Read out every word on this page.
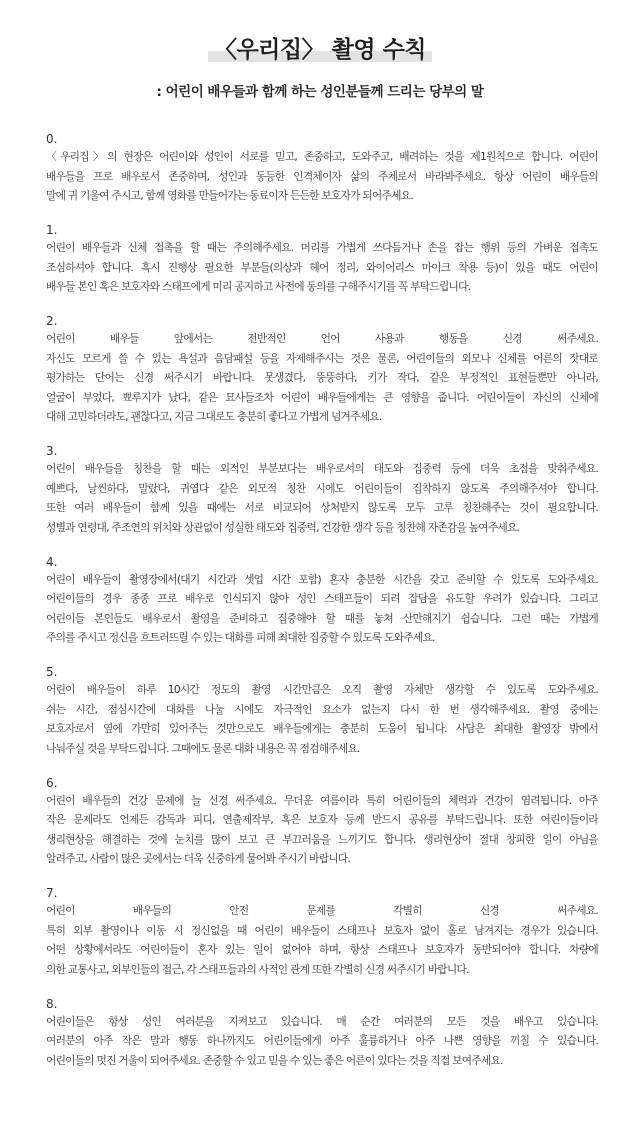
〈우리집〉 촬영 수칙
: 어린이 배우들과 함께 하는 성인분들께 드리는 당부의 말
0.
〈우리집〉의 현장은 어린이와 성인이 서로를 믿고, 존중하고, 도와주고, 배려하는 것을 제1원칙으로 합니다. 어린이
배우들을 프로 배우로서 존중하며, 성인과 동등한 인격체이자 삶의 주체로서 바라봐주세요. 항상 어린이 배우들의
말에 귀 기울여 주시고, 함께 영화를 만들어가는 동료이자 든든한 보호자가 되어주세요.
1.
어린이 배우들과 신체 접촉을 할 때는 주의해주세요. 머리를 가볍게 쓰다듬거나 손을 잡는 행위 등의 가벼운 접촉도
조심하셔야 합니다. 혹시 진행상 필요한 부분들(의상과 헤어 정리, 와이어리스 마이크 착용 등)이 있을 때도 어린이
배우들 본인 혹은 보호자와 스태프에게 미리 공지하고 사전에 동의를 구해주시기를 꼭 부탁드립니다.
2.
어린이 배우들 앞에서는 전반적인 언어 사용과 행동을 신경 써주세요.
자신도 모르게 쓸 수 있는 욕설과 음담패설 등을 자제해주시는 것은 물론, 어린이들의 외모나 신체를 어른의 잣대로
평가하는 단어는 신경 써주시기 바랍니다. 못생겼다, 뚱뚱하다, 키가 작다, 같은 부정적인 표현들뿐만 아니라,
얼굴이 부었다, 뾰루지가 났다, 같은 묘사들조차 어린이 배우들에게는 큰 영향을 줍니다. 어린이들이 자신의 신체에
대해 고민하더라도, 괜찮다고, 지금 그대로도 충분히 좋다고 가볍게 넘겨주세요.
3.
어린이 배우들을 칭찬을 할 때는 외적인 부분보다는 배우로서의 태도와 집중력 등에 더욱 초점을 맞춰주세요.
예쁘다, 날씬하다, 말랐다, 귀엽다 같은 외모적 칭찬 시에도 어린이들이 집착하지 않도록 주의해주셔야 합니다.
또한 여러 배우들이 함께 있을 때에는 서로 비교되어 상처받지 않도록 모두 고루 칭찬해주는 것이 필요합니다.
성별과 연령대, 주조연의 위치와 상관없이 성실한 태도와 집중력, 건강한 생각 등을 칭찬해 자존감을 높여주세요.
4.
어린이 배우들이 촬영장에서(대기 시간과 셋업 시간 포함) 혼자 충분한 시간을 갖고 준비할 수 있도록 도와주세요.
어린이들의 경우 종종 프로 배우로 인식되지 않아 성인 스태프들이 되려 잡담을 유도할 우려가 있습니다. 그리고
어린이들 본인들도 배우로서 촬영을 준비하고 집중해야 할 때를 놓쳐 산만해지기 쉽습니다. 그런 때는 가볍게
주의를 주시고 정신을 흐트러뜨릴 수 있는 대화를 피해 최대한 집중할 수 있도록 도와주세요.
5.
어린이 배우들이 하루 10시간 정도의 촬영 시간만큼은 오직 촬영 자체만 생각할 수 있도록 도와주세요.
쉬는 시간, 점심시간에 대화를 나눌 시에도 자극적인 요소가 없는지 다시 한 번 생각해주세요. 촬영 중에는
보호자로서 옆에 가만히 있어주는 것만으로도 배우들에게는 충분히 도움이 됩니다. 사담은 최대한 촬영장 밖에서
나눠주실 것을 부탁드립니다. 그때에도 물론 대화 내용은 꼭 점검해주세요.
6.
어린이 배우들의 건강 문제에 늘 신경 써주세요. 무더운 여름이라 특히 어린이들의 체력과 건강이 염려됩니다. 아주
작은 문제라도 언제든 감독과 피디, 연출제작부, 혹은 보호자 등께 반드시 공유를 부탁드립니다. 또한 어린이들이라
생리현상을 해결하는 것에 눈치를 많이 보고 큰 부끄러움을 느끼기도 합니다. 생리현상이 절대 창피한 일이 아님을
알려주고, 사람이 많은 곳에서는 더욱 신중하게 물어봐 주시기 바랍니다.
7.
어린이 배우들의 안전 문제를 각별히 신경 써주세요.
특히 외부 촬영이나 이동 시 정신없을 때 어린이 배우들이 스태프나 보호자 없이 홀로 남겨지는 경우가 있습니다.
어떤 상황에서라도 어린이들이 혼자 있는 일이 없어야 하며, 항상 스태프나 보호자가 동반되어야 합니다. 차량에
의한 교통사고, 외부인들의 접근, 각 스태프들과의 사적인 관계 또한 각별히 신경 써주시기 바랍니다.
8.
어린이들은 항상 성인 여러분을 지켜보고 있습니다. 매 순간 여러분의 모든 것을 배우고 있습니다.
여러분의 아주 작은 말과 행동 하나까지도 어린이들에게 아주 훌륭하거나 아주 나쁜 영향을 끼칠 수 있습니다.
어린이들의 멋진 거울이 되어주세요. 존중할 수 있고 믿을 수 있는 좋은 어른이 있다는 것을 직접 보여주세요.
